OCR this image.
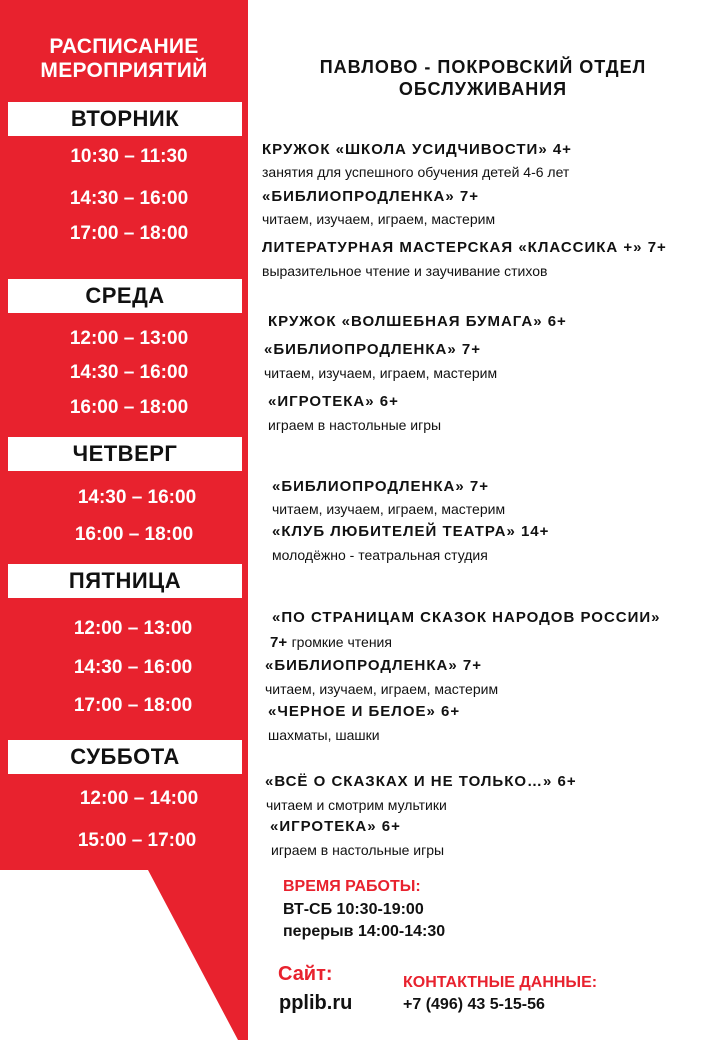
РАСПИСАНИЕ
МЕРОПРИЯТИЙ
ВТОРНИК
СРЕДА
ЧЕТВЕРГ
ПЯТНИЦА
СУББОТА
10:30 – 11:30
14:30 – 16:00
17:00 – 18:00
12:00 – 13:00
14:30 – 16:00
16:00 – 18:00
14:30 – 16:00
16:00 – 18:00
12:00 – 13:00
14:30 – 16:00
17:00 – 18:00
12:00 – 14:00
15:00 – 17:00
ПАВЛОВО - ПОКРОВСКИЙ ОТДЕЛ
ОБСЛУЖИВАНИЯ
КРУЖОК «ШКОЛА УСИДЧИВОСТИ» 4+
занятия для успешного обучения детей 4-6 лет
«БИБЛИОПРОДЛЕНКА» 7+
читаем, изучаем, играем, мастерим
ЛИТЕРАТУРНАЯ МАСТЕРСКАЯ «КЛАССИКА +» 7+
выразительное чтение и заучивание стихов
КРУЖОК «ВОЛШЕБНАЯ БУМАГА» 6+
«БИБЛИОПРОДЛЕНКА» 7+
читаем, изучаем, играем, мастерим
«ИГРОТЕКА» 6+
играем в настольные игры
«БИБЛИОПРОДЛЕНКА» 7+
читаем, изучаем, играем, мастерим
«КЛУБ ЛЮБИТЕЛЕЙ ТЕАТРА» 14+
молодёжно - театральная студия
«ПО СТРАНИЦАМ СКАЗОК НАРОДОВ РОССИИ»
7+ громкие чтения
«БИБЛИОПРОДЛЕНКА» 7+
читаем, изучаем, играем, мастерим
«ЧЕРНОЕ И БЕЛОЕ» 6+
шахматы, шашки
«ВСЁ О СКАЗКАХ И НЕ ТОЛЬКО…» 6+
читаем и смотрим мультики
«ИГРОТЕКА» 6+
играем в настольные игры
ВРЕМЯ РАБОТЫ:
ВТ-СБ 10:30-19:00
перерыв 14:00-14:30
Сайт:
pplib.ru
КОНТАКТНЫЕ ДАННЫЕ:
+7 (496) 43 5-15-56
